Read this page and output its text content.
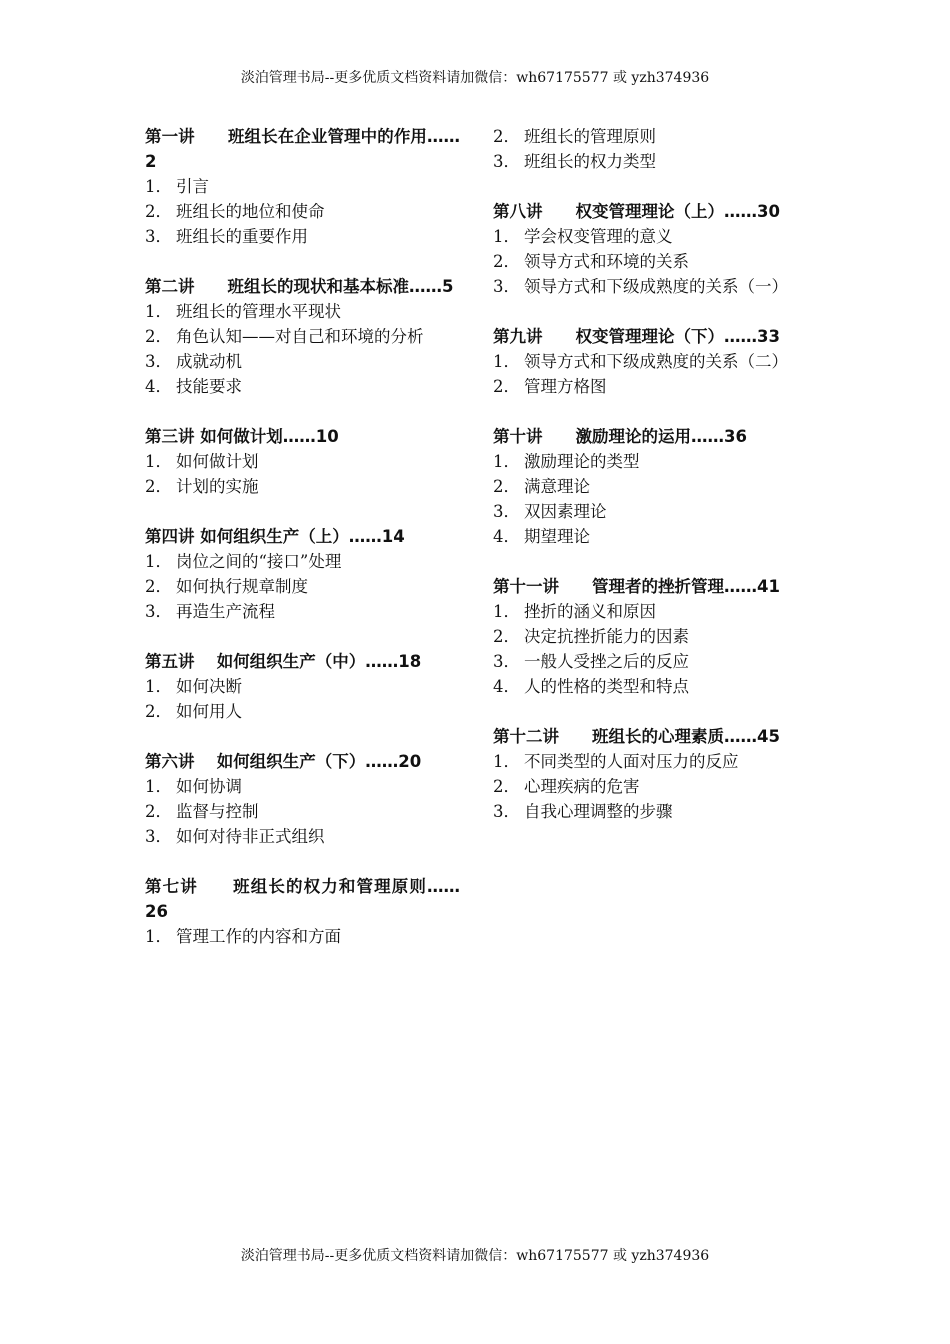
淡泊管理书局--更多优质文档资料请加微信：wh67175577 或 yzh374936
第一讲　　班组长在企业管理中的作用……2
1． 引言
2． 班组长的地位和使命
3． 班组长的重要作用
第二讲　　班组长的现状和基本标准……5
1． 班组长的管理水平现状
2． 角色认知——对自己和环境的分析
3． 成就动机
4． 技能要求
第三讲 如何做计划……10
1． 如何做计划
2． 计划的实施
第四讲 如何组织生产（上）……14
1． 岗位之间的“接口”处理
2． 如何执行规章制度
3． 再造生产流程
第五讲　 如何组织生产（中）……18
1． 如何决断
2． 如何用人
第六讲　 如何组织生产（下）……20
1． 如何协调
2． 监督与控制
3． 如何对待非正式组织
第七讲　　班组长的权力和管理原则……26
1． 管理工作的内容和方面
2． 班组长的管理原则
3． 班组长的权力类型
第八讲　　权变管理理论（上）……30
1． 学会权变管理的意义
2． 领导方式和环境的关系
3． 领导方式和下级成熟度的关系（一）
第九讲　　权变管理理论（下）……33
1． 领导方式和下级成熟度的关系（二）
2． 管理方格图
第十讲　　激励理论的运用……36
1． 激励理论的类型
2． 满意理论
3． 双因素理论
4． 期望理论
第十一讲　　管理者的挫折管理……41
1． 挫折的涵义和原因
2． 决定抗挫折能力的因素
3． 一般人受挫之后的反应
4． 人的性格的类型和特点
第十二讲　　班组长的心理素质……45
1． 不同类型的人面对压力的反应
2． 心理疾病的危害
3． 自我心理调整的步骤
淡泊管理书局--更多优质文档资料请加微信：wh67175577 或 yzh374936
